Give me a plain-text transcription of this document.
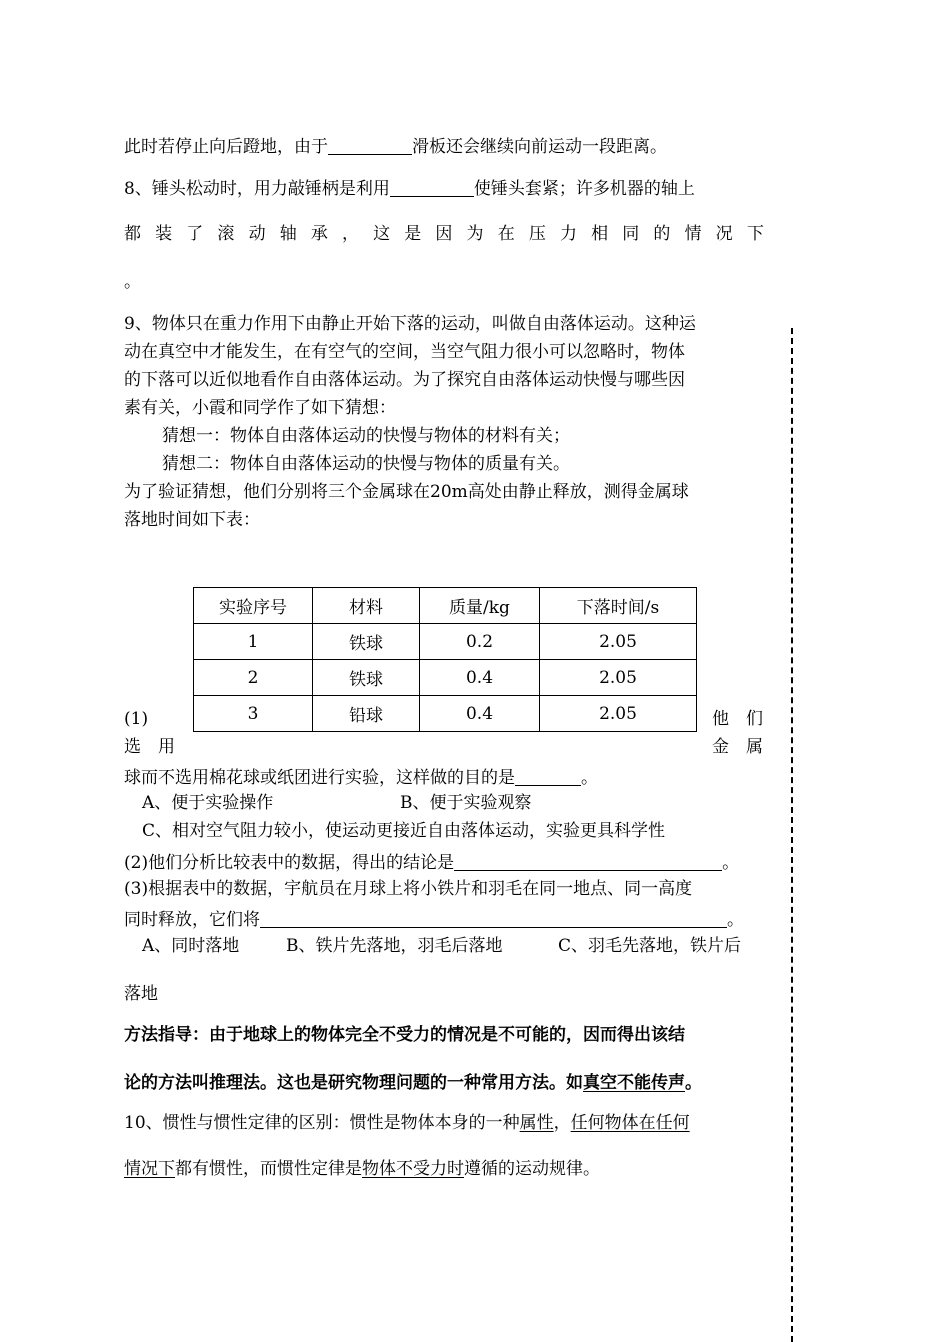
此时若停止向后蹬地，由于	滑板还会继续向前运动一段距离。
8、锤头松动时，用力敲锤柄是利用	使锤头套紧；许多机器的轴上
都 装 了 滚 动 轴 承 ， 这 是 因 为 在 压 力 相 同 的 情 况 下
。
9、物体只在重力作用下由静止开始下落的运动，叫做自由落体运动。这种运
动在真空中才能发生，在有空气的空间，当空气阻力很小可以忽略时，物体
的下落可以近似地看作自由落体运动。为了探究自由落体运动快慢与哪些因
素有关，小霞和同学作了如下猜想：
猜想一：物体自由落体运动的快慢与物体的材料有关；
猜想二：物体自由落体运动的快慢与物体的质量有关。
为了验证猜想，他们分别将三个金属球在20m高处由静止释放，测得金属球
落地时间如下表：
实验序号	材料	质量/kg	下落时间/s
1	铁球	0.2	2.05
2	铁球	0.4	2.05
3	铅球	0.4	2.05
(1)	他 们
选 用	金 属
球而不选用棉花球或纸团进行实验，这样做的目的是	。
A、便于实验操作	B、便于实验观察
C、相对空气阻力较小，使运动更接近自由落体运动，实验更具科学性
(2)他们分析比较表中的数据，得出的结论是	。
(3)根据表中的数据，宇航员在月球上将小铁片和羽毛在同一地点、同一高度
同时释放，它们将	。
A、同时落地	B、铁片先落地，羽毛后落地	C、羽毛先落地，铁片后
落地
方法指导：由于地球上的物体完全不受力的情况是不可能的，因而得出该结
论的方法叫推理法。这也是研究物理问题的一种常用方法。如真空不能传声。
10、惯性与惯性定律的区别：惯性是物体本身的一种属性，任何物体在任何
情况下都有惯性，而惯性定律是物体不受力时遵循的运动规律。
